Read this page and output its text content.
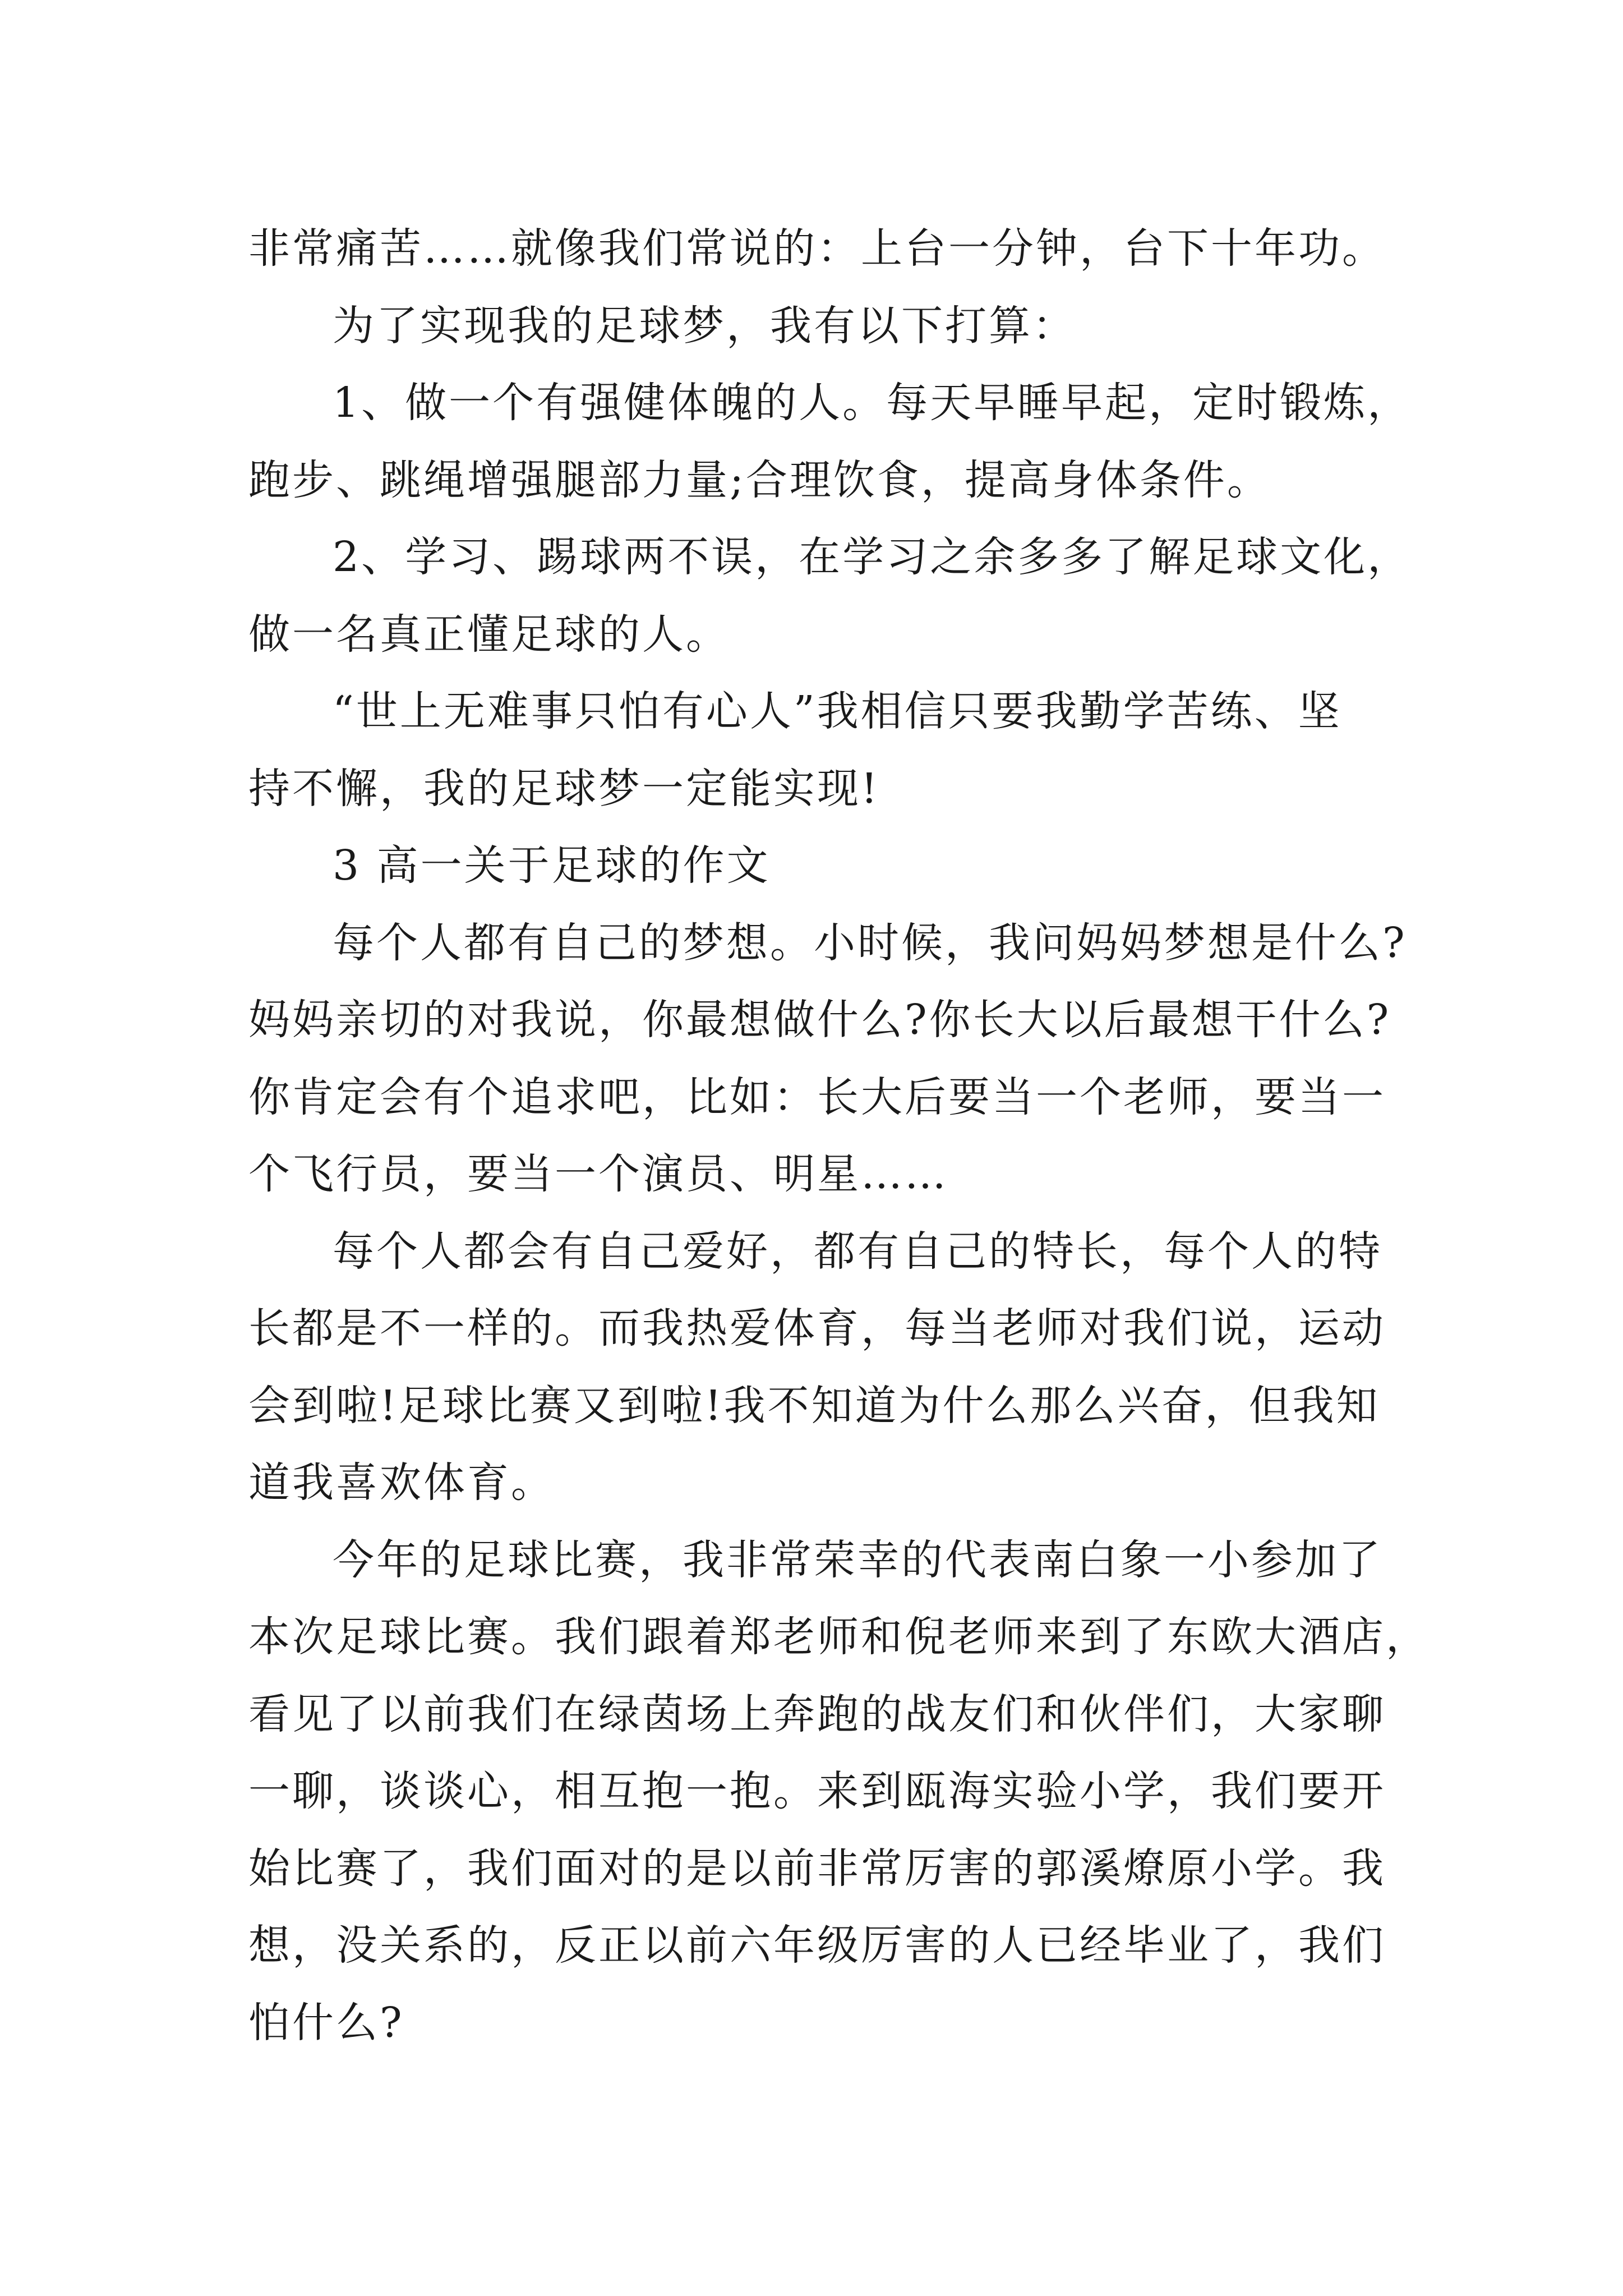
非常痛苦……就像我们常说的：上台一分钟，台下十年功。
为了实现我的足球梦，我有以下打算：
1、做一个有强健体魄的人。每天早睡早起，定时锻炼，
跑步、跳绳增强腿部力量;合理饮食，提高身体条件。
2、学习、踢球两不误，在学习之余多多了解足球文化，
做一名真正懂足球的人。
“世上无难事只怕有心人”我相信只要我勤学苦练、坚
持不懈，我的足球梦一定能实现!
3 高一关于足球的作文
每个人都有自己的梦想。小时候，我问妈妈梦想是什么?
妈妈亲切的对我说，你最想做什么?你长大以后最想干什么?
你肯定会有个追求吧，比如：长大后要当一个老师，要当一
个飞行员，要当一个演员、明星……
每个人都会有自己爱好，都有自己的特长，每个人的特
长都是不一样的。而我热爱体育，每当老师对我们说，运动
会到啦!足球比赛又到啦!我不知道为什么那么兴奋，但我知
道我喜欢体育。
今年的足球比赛，我非常荣幸的代表南白象一小参加了
本次足球比赛。我们跟着郑老师和倪老师来到了东欧大酒店，
看见了以前我们在绿茵场上奔跑的战友们和伙伴们，大家聊
一聊，谈谈心，相互抱一抱。来到瓯海实验小学，我们要开
始比赛了，我们面对的是以前非常厉害的郭溪燎原小学。我
想，没关系的，反正以前六年级厉害的人已经毕业了，我们
怕什么?
